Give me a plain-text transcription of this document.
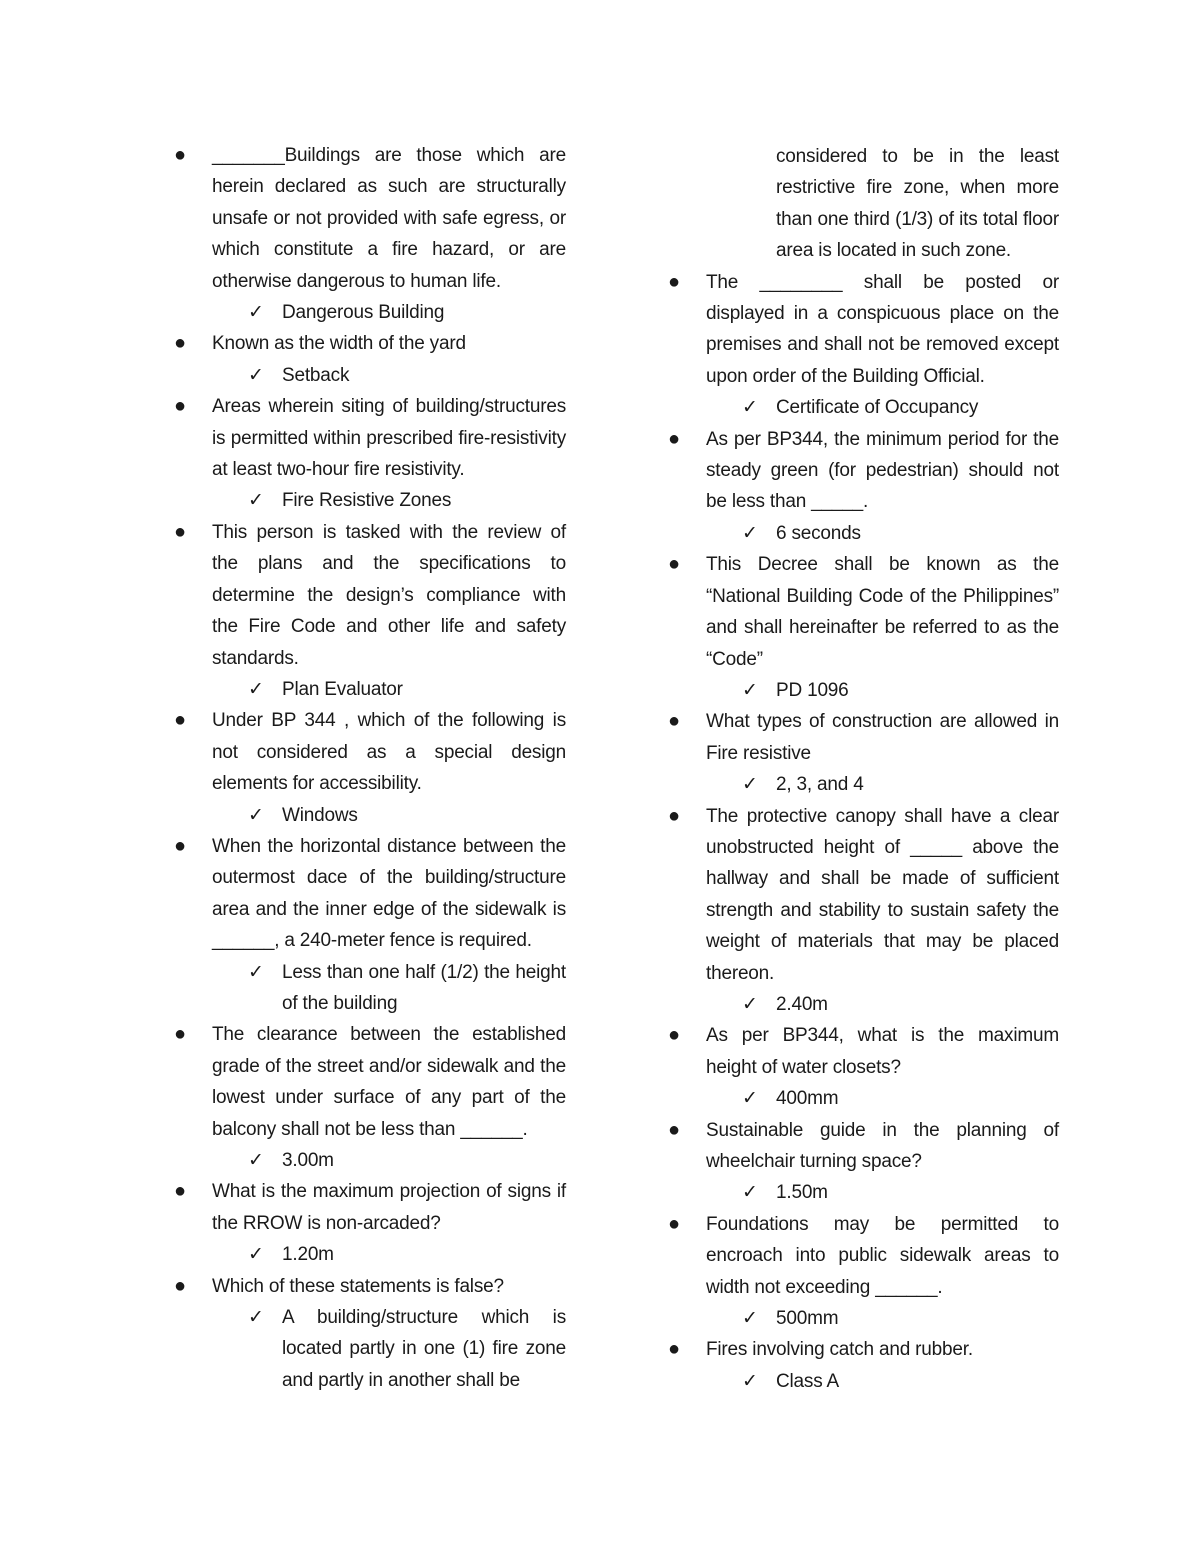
●	_______Buildings are those which are herein declared as such are structurally unsafe or not provided with safe egress, or which constitute a fire hazard, or are otherwise dangerous to human life.
✓ Dangerous Building
●	Known as the width of the yard
✓ Setback
●	Areas wherein siting of building/structures is permitted within prescribed fire-resistivity at least two-hour fire resistivity.
✓ Fire Resistive Zones
●	This person is tasked with the review of the plans and the specifications to determine the design’s compliance with the Fire Code and other life and safety standards.
✓ Plan Evaluator
●	Under BP 344 , which of the following is not considered as a special design elements for accessibility.
✓ Windows
●	When the horizontal distance between the outermost dace of the building/structure area and the inner edge of the sidewalk is ______, a 240-meter fence is required.
✓ Less than one half (1/2) the height of the building
●	The clearance between the established grade of the street and/or sidewalk and the lowest under surface of any part of the balcony shall not be less than ______.
✓ 3.00m
●	What is the maximum projection of signs if the RROW is non-arcaded?
✓ 1.20m
●	Which of these statements is false?
✓ A building/structure which is located partly in one (1) fire zone and partly in another shall be
considered to be in the least restrictive fire zone, when more than one third (1/3) of its total floor area is located in such zone.
●	The ________ shall be posted or displayed in a conspicuous place on the premises and shall not be removed except upon order of the Building Official.
✓ Certificate of Occupancy
●	As per BP344, the minimum period for the steady green (for pedestrian) should not be less than _____.
✓ 6 seconds
●	This Decree shall be known as the “National Building Code of the Philippines” and shall hereinafter be referred to as the “Code”
✓ PD 1096
●	What types of construction are allowed in Fire resistive
✓ 2, 3, and 4
●	The protective canopy shall have a clear unobstructed height of _____ above the hallway and shall be made of sufficient strength and stability to sustain safety the weight of materials that may be placed thereon.
✓ 2.40m
●	As per BP344, what is the maximum height of water closets?
✓ 400mm
●	Sustainable guide in the planning of wheelchair turning space?
✓ 1.50m
●	Foundations may be permitted to encroach into public sidewalk areas to width not exceeding ______.
✓ 500mm
●	Fires involving catch and rubber.
✓ Class A
